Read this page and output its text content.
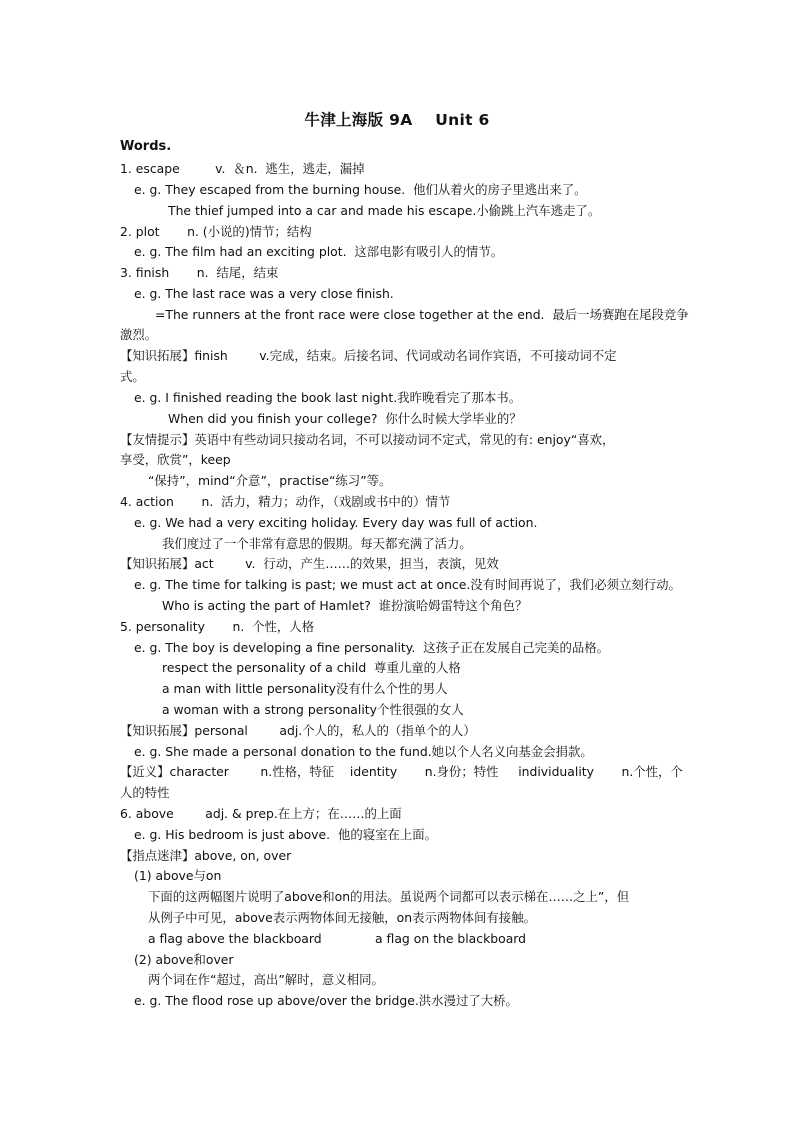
牛津上海版 9A    Unit 6
Words.
1. escape         v.  ＆n.  逃生，逃走，漏掉
e. g. They escaped from the burning house.  他们从着火的房子里逃出来了。
The thief jumped into a car and made his escape.小偷跳上汽车逃走了。
2. plot       n. (小说的)情节；结构
e. g. The film had an exciting plot.  这部电影有吸引人的情节。
3. finish       n.  结尾，结束
e. g. The last race was a very close finish.
=The runners at the front race were close together at the end.  最后一场赛跑在尾段竞争
激烈。
【知识拓展】finish        v.完成，结束。后接名词、代词或动名词作宾语，不可接动词不定
式。
e. g. I finished reading the book last night.我昨晚看完了那本书。
When did you finish your college?  你什么时候大学毕业的？
【友情提示】英语中有些动词只接动名词，不可以接动词不定式，常见的有: enjoy“喜欢，
享受，欣赏”，keep
“保持”，mind“介意”，practise“练习”等。
4. action       n.  活力，精力；动作，（戏剧或书中的）情节
e. g. We had a very exciting holiday. Every day was full of action.
我们度过了一个非常有意思的假期。每天都充满了活力。
【知识拓展】act        v.  行动，产生……的效果，担当，表演，见效
e. g. The time for talking is past; we must act at once.没有时间再说了，我们必须立刻行动。
Who is acting the part of Hamlet?  谁扮演哈姆雷特这个角色？
5. personality       n.  个性，人格
e. g. The boy is developing a fine personality.  这孩子正在发展自己完美的品格。
respect the personality of a child  尊重儿童的人格
a man with little personality没有什么个性的男人
a woman with a strong personality个性很强的女人
【知识拓展】personal        adj.个人的，私人的（指单个的人）
e. g. She made a personal donation to the fund.她以个人名义向基金会捐款。
【近义】character        n.性格，特征    identity       n.身份；特性     individuality       n.个性，个
人的特性
6. above        adj. & prep.在上方；在……的上面
e. g. His bedroom is just above.  他的寝室在上面。
【指点迷津】above, on, over
(1) above与on
下面的这两幅图片说明了above和on的用法。虽说两个词都可以表示梯在……之上”，但
从例子中可见，above表示两物体间无接触，on表示两物体间有接触。
a flag above the blackboard	a flag on the blackboard
(2) above和over
两个词在作“超过，高出”解时，意义相同。
e. g. The flood rose up above/over the bridge.洪水漫过了大桥。
